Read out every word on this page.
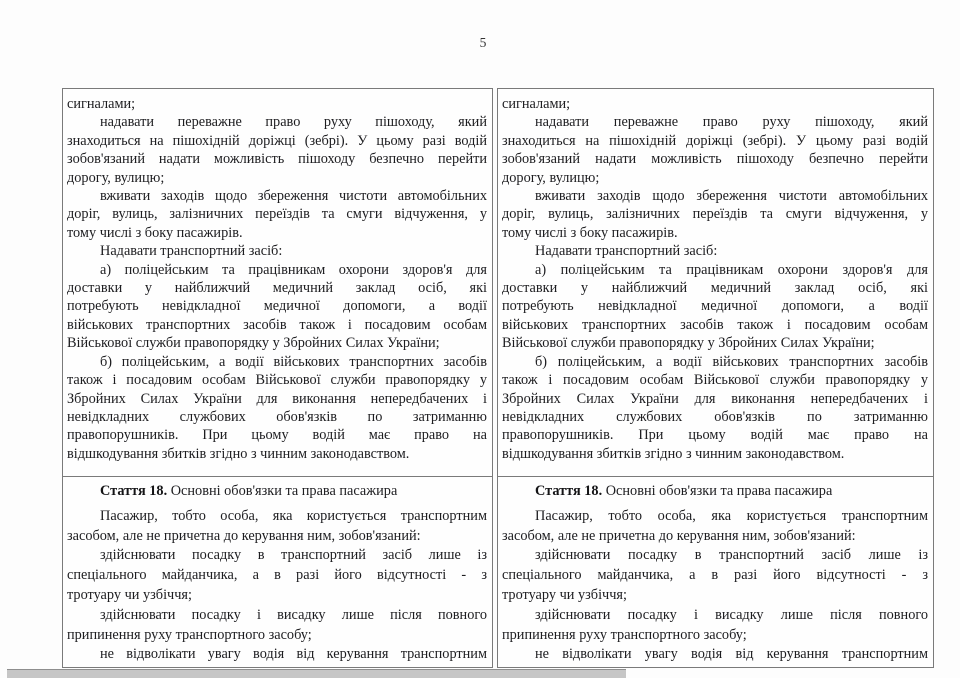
5
сигналами;
надавати переважне право руху пішоходу, який
знаходиться на пішохідній доріжці (зебрі). У цьому разі водій
зобов'язаний надати можливість пішоходу безпечно перейти
дорогу, вулицю;
вживати заходів щодо збереження чистоти автомобільних
доріг, вулиць, залізничних переїздів та смуги відчуження, у
тому числі з боку пасажирів.
Надавати транспортний засіб:
а) поліцейським та працівникам охорони здоров'я для
доставки у найближчий медичний заклад осіб, які
потребують невідкладної медичної допомоги, а водії
військових транспортних засобів також і посадовим особам
Військової служби правопорядку у Збройних Силах України;
б) поліцейським, а водії військових транспортних засобів
також і посадовим особам Військової служби правопорядку у
Збройних Силах України для виконання непередбачених і
невідкладних службових обов'язків по затриманню
правопорушників. При цьому водій має право на
відшкодування збитків згідно з чинним законодавством.
Стаття 18. Основні обов'язки та права пасажира
Пасажир, тобто особа, яка користується транспортним
засобом, але не причетна до керування ним, зобов'язаний:
здійснювати посадку в транспортний засіб лише із
спеціального майданчика, а в разі його відсутності - з
тротуару чи узбіччя;
здійснювати посадку і висадку лише після повного
припинення руху транспортного засобу;
не відволікати увагу водія від керування транспортним
сигналами;
надавати переважне право руху пішоходу, який
знаходиться на пішохідній доріжці (зебрі). У цьому разі водій
зобов'язаний надати можливість пішоходу безпечно перейти
дорогу, вулицю;
вживати заходів щодо збереження чистоти автомобільних
доріг, вулиць, залізничних переїздів та смуги відчуження, у
тому числі з боку пасажирів.
Надавати транспортний засіб:
а) поліцейським та працівникам охорони здоров'я для
доставки у найближчий медичний заклад осіб, які
потребують невідкладної медичної допомоги, а водії
військових транспортних засобів також і посадовим особам
Військової служби правопорядку у Збройних Силах України;
б) поліцейським, а водії військових транспортних засобів
також і посадовим особам Військової служби правопорядку у
Збройних Силах України для виконання непередбачених і
невідкладних службових обов'язків по затриманню
правопорушників. При цьому водій має право на
відшкодування збитків згідно з чинним законодавством.
Стаття 18. Основні обов'язки та права пасажира
Пасажир, тобто особа, яка користується транспортним
засобом, але не причетна до керування ним, зобов'язаний:
здійснювати посадку в транспортний засіб лише із
спеціального майданчика, а в разі його відсутності - з
тротуару чи узбіччя;
здійснювати посадку і висадку лише після повного
припинення руху транспортного засобу;
не відволікати увагу водія від керування транспортним
